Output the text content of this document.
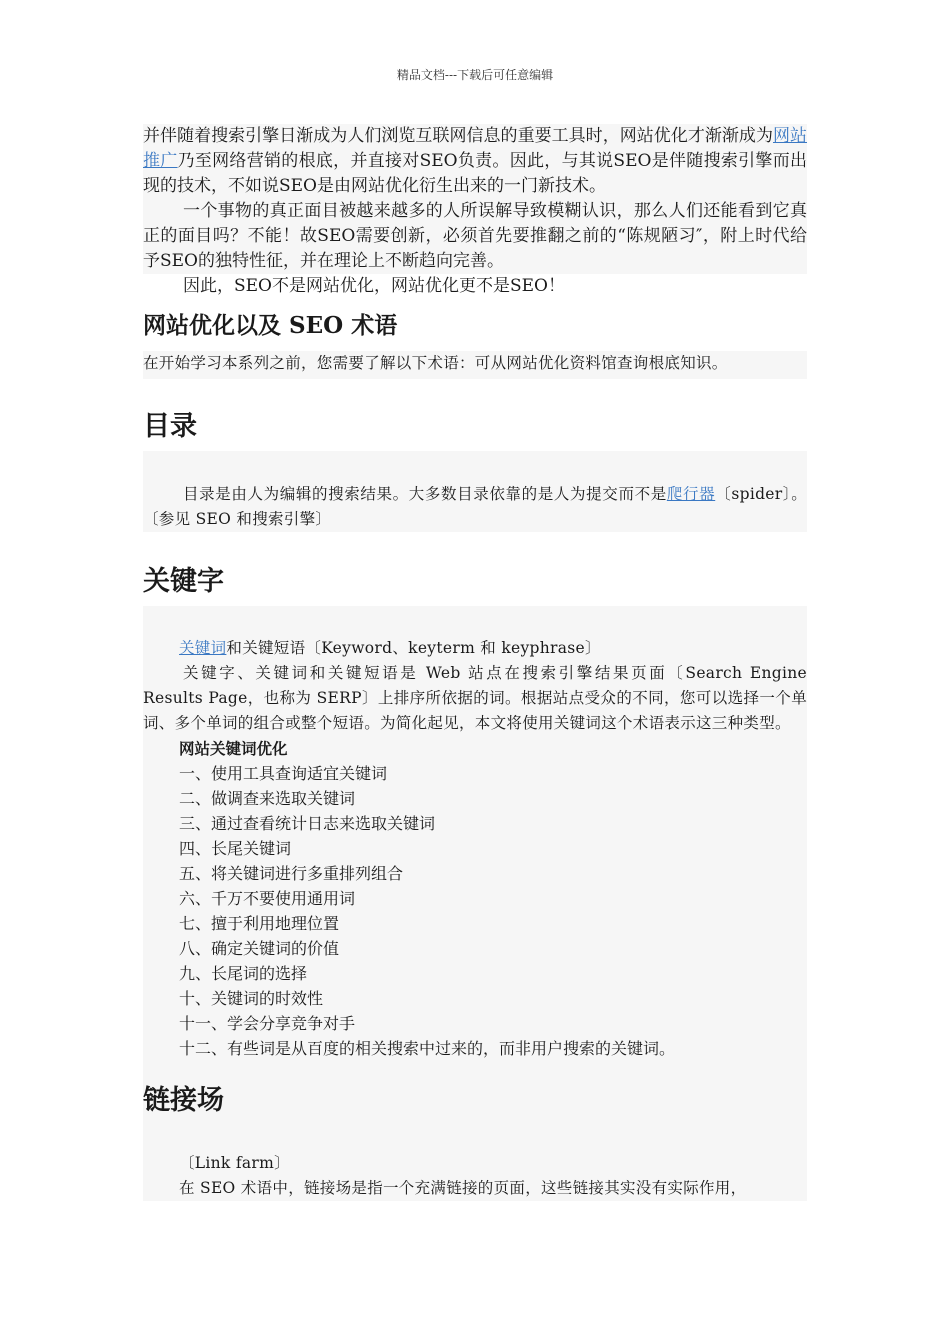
精品文档---下载后可任意编辑

并伴随着搜索引擎日渐成为人们浏览互联网信息的重要工具时，网站优化才渐渐成为网站推广乃至网络营销的根底，并直接对SEO负责。因此，与其说SEO是伴随搜索引擎而出现的技术，不如说SEO是由网站优化衍生出来的一门新技术。

一个事物的真正面目被越来越多的人所误解导致模糊认识，那么人们还能看到它真正的面目吗？不能！故SEO需要创新，必须首先要推翻之前的“陈规陋习″，附上时代给予SEO的独特性征，并在理论上不断趋向完善。

因此，SEO不是网站优化，网站优化更不是SEO！

网站优化以及 SEO 术语

在开始学习本系列之前，您需要了解以下术语：可从网站优化资料馆查询根底知识。

目录

目录是由人为编辑的搜索结果。大多数目录依靠的是人为提交而不是爬行器〔spider〕。〔参见 SEO 和搜索引擎〕

关键字

关键词和关键短语〔Keyword、keyterm 和 keyphrase〕

关键字、关键词和关键短语是 Web 站点在搜索引擎结果页面〔Search Engine Results Page，也称为 SERP〕上排序所依据的词。根据站点受众的不同，您可以选择一个单词、多个单词的组合或整个短语。为简化起见，本文将使用关键词这个术语表示这三种类型。

网站关键词优化
一、使用工具查询适宜关键词
二、做调查来选取关键词
三、通过查看统计日志来选取关键词
四、长尾关键词
五、将关键词进行多重排列组合
六、千万不要使用通用词
七、擅于利用地理位置
八、确定关键词的价值
九、长尾词的选择
十、关键词的时效性
十一、学会分享竞争对手
十二、有些词是从百度的相关搜索中过来的，而非用户搜索的关键词。
链接场

〔Link farm〕

在 SEO 术语中，链接场是指一个充满链接的页面，这些链接其实没有实际作用，
